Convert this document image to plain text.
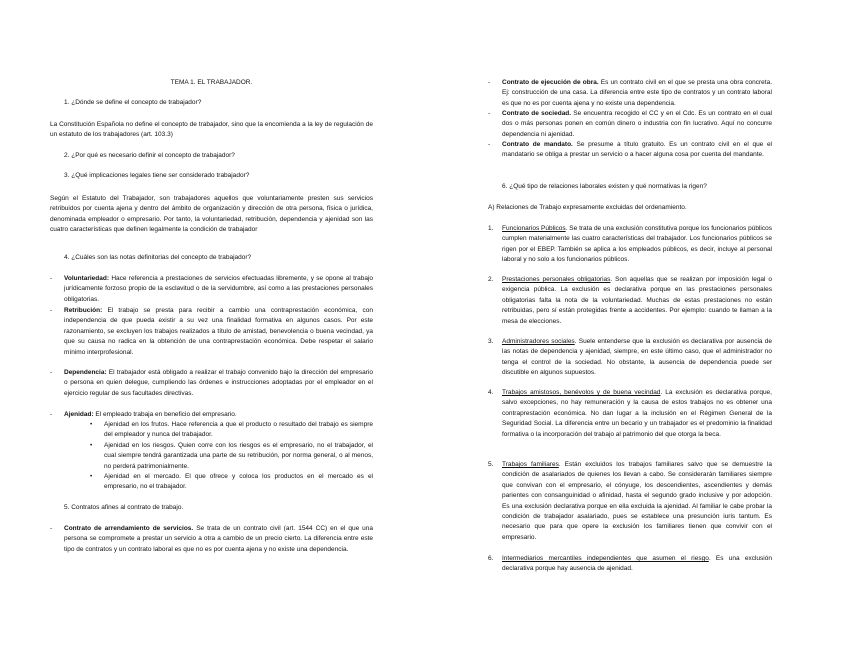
TEMA 1. EL TRABAJADOR.

1. ¿Dónde se define el concepto de trabajador?

La Constitución Española no define el concepto de trabajador, sino que la encomienda a la ley de regulación de un estatuto de los trabajadores (art. 103.3)

2. ¿Por qué es necesario definir el concepto de trabajador?

3. ¿Qué implicaciones legales tiene ser considerado trabajador?

Según el Estatuto del Trabajador, son trabajadores aquellos que voluntariamente presten sus servicios retribuidos por cuenta ajena y dentro del ámbito de organización y dirección de otra persona, física o jurídica, denominada empleador o empresario. Por tanto, la voluntariedad, retribución, dependencia y ajenidad son las cuatro características que definen legalmente la condición de trabajador

4. ¿Cuáles son las notas definitorias del concepto de trabajador?

- Voluntariedad: Hace referencia a prestaciones de servicios efectuadas libremente, y se opone al trabajo jurídicamente forzoso propio de la esclavitud o de la servidumbre, así como a las prestaciones personales obligatorias.

- Retribución: El trabajo se presta para recibir a cambio una contraprestación económica, con independencia de que pueda existir a su vez una finalidad formativa en algunos casos. Por este razonamiento, se excluyen los trabajos realizados a título de amistad, benevolencia o buena vecindad, ya que su causa no radica en la obtención de una contraprestación económica. Debe respetar el salario mínimo interprofesional.

- Dependencia: El trabajador está obligado a realizar el trabajo convenido bajo la dirección del empresario o persona en quien delegue, cumpliendo las órdenes e instrucciones adoptadas por el empleador en el ejercicio regular de sus facultades directivas.

- Ajenidad: El empleado trabaja en beneficio del empresario.

• Ajenidad en los frutos. Hace referencia a que el producto o resultado del trabajo es siempre del empleador y nunca del trabajador.

• Ajenidad en los riesgos. Quien corre con los riesgos es el empresario, no el trabajador, el cual siempre tendrá garantizada una parte de su retribución, por norma general, o al menos, no perderá patrimonialmente.

• Ajenidad en el mercado. El que ofrece y coloca los productos en el mercado es el empresario, no el trabajador.

5. Contratos afines al contrato de trabajo.

- Contrato de arrendamiento de servicios. Se trata de un contrato civil (art. 1544 CC) en el que una persona se compromete a prestar un servicio a otra a cambio de un precio cierto. La diferencia entre este tipo de contratos y un contrato laboral es que no es por cuenta ajena y no existe una dependencia.

- Contrato de ejecución de obra. Es un contrato civil en el que se presta una obra concreta. Ej: construcción de una casa. La diferencia entre este tipo de contratos y un contrato laboral es que no es por cuenta ajena y no existe una dependencia.

- Contrato de sociedad. Se encuentra recogido el CC y en el Cdc. Es un contrato en el cual dos o más personas ponen en común dinero o industria con fin lucrativo. Aquí no concurre dependencia ni ajenidad.

- Contrato de mandato. Se presume a título gratuito. Es un contrato civil en el que el mandatario se obliga a prestar un servicio o a hacer alguna cosa por cuenta del mandante.

6. ¿Qué tipo de relaciones laborales existen y qué normativas la rigen?

A) Relaciones de Trabajo expresamente excluidas del ordenamiento.

1. Funcionarios Públicos. Se trata de una exclusión constitutiva porque los funcionarios públicos cumplen materialmente las cuatro características del trabajador. Los funcionarios públicos se rigen por el EBEP. También se aplica a los empleados públicos, es decir, incluye al personal laboral y no solo a los funcionarios públicos.

2. Prestaciones personales obligatorias. Son aquellas que se realizan por imposición legal o exigencia pública. La exclusión es declarativa porque en las prestaciones personales obligatorias falta la nota de la voluntariedad. Muchas de estas prestaciones no están retribuidas, pero sí están protegidas frente a accidentes. Por ejemplo: cuando te llaman a la mesa de elecciones.

3. Administradores sociales. Suele entenderse que la exclusión es declarativa por ausencia de las notas de dependencia y ajenidad, siempre, en este último caso, que el administrador no tenga el control de la sociedad. No obstante, la ausencia de dependencia puede ser discutible en algunos supuestos.

4. Trabajos amistosos, benévolos y de buena vecindad. La exclusión es declarativa porque, salvo excepciones, no hay remuneración y la causa de estos trabajos no es obtener una contraprestación económica. No dan lugar a la inclusión en el Régimen General de la Seguridad Social. La diferencia entre un becario y un trabajador es el predominio la finalidad formativa o la incorporación del trabajo al patrimonio del que otorga la beca.

5. Trabajos familiares. Están excluidos los trabajos familiares salvo que se demuestre la condición de asalariados de quienes los llevan a cabo. Se considerarán familiares siempre que convivan con el empresario, el cónyuge, los descendientes, ascendientes y demás parientes con consanguinidad o afinidad, hasta el segundo grado inclusive y por adopción. Es una exclusión declarativa porque en ella excluida la ajenidad. Al familiar le cabe probar la condición de trabajador asalariado, pues se establece una presunción iuris tantum. Es necesario que para que opere la exclusión los familiares tienen que convivir con el empresario.

6. Intermediarios mercantiles independientes que asumen el riesgo. Es una exclusión declarativa porque hay ausencia de ajenidad.
